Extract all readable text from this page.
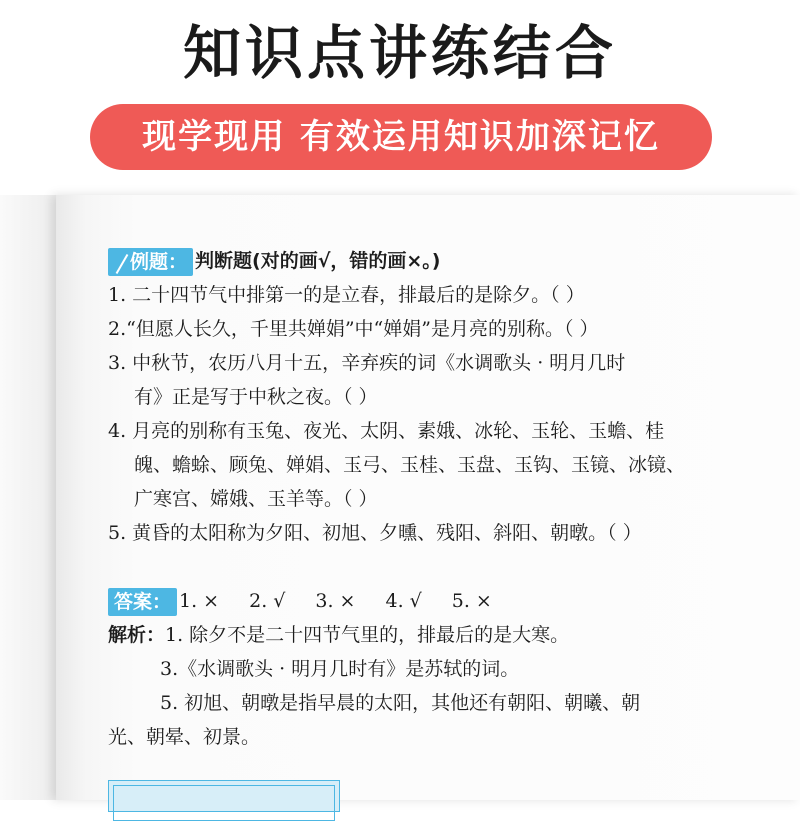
知识点讲练结合
现学现用 有效运用知识加深记忆
例题： 判断题(对的画√，错的画×。)
1. 二十四节气中排第一的是立春，排最后的是除夕。（ ）
2.“但愿人长久，千里共婵娟”中“婵娟”是月亮的别称。（ ）
3. 中秋节，农历八月十五，辛弃疾的词《水调歌头 · 明月几时
有》正是写于中秋之夜。（ ）
4. 月亮的别称有玉兔、夜光、太阴、素娥、冰轮、玉轮、玉蟾、桂
魄、蟾蜍、顾兔、婵娟、玉弓、玉桂、玉盘、玉钩、玉镜、冰镜、
广寒宫、嫦娥、玉羊等。（ ）
5. 黄昏的太阳称为夕阳、初旭、夕曛、残阳、斜阳、朝暾。（ ）
答案： 1. × 2. √ 3. × 4. √ 5. ×
解析：1. 除夕不是二十四节气里的，排最后的是大寒。
3.《水调歌头 · 明月几时有》是苏轼的词。
5. 初旭、朝暾是指早晨的太阳，其他还有朝阳、朝曦、朝
光、朝晕、初景。
